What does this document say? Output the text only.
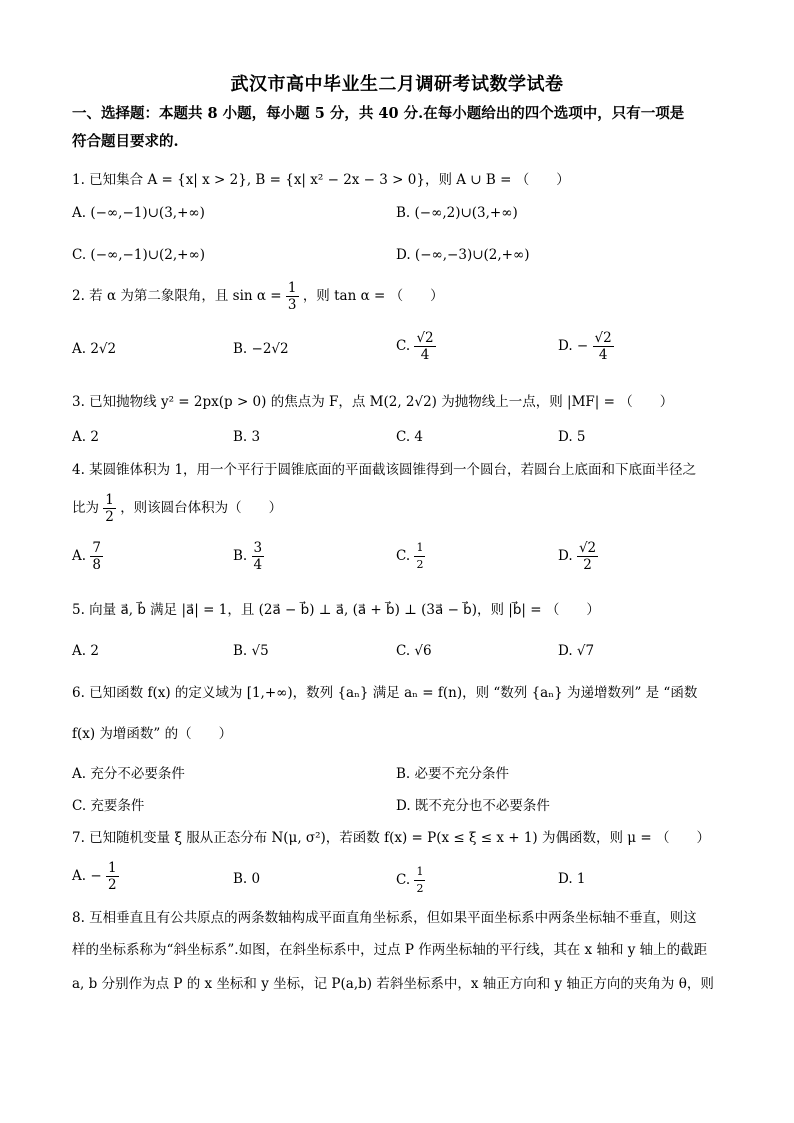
武汉市高中毕业生二月调研考试数学试卷
一、选择题：本题共 8 小题，每小题 5 分，共 40 分.在每小题给出的四个选项中，只有一项是
符合题目要求的.
1. 已知集合 A = {x| x > 2}, B = {x| x² − 2x − 3 > 0}，则 A ∪ B = （　　）
A. (−∞,−1)∪(3,+∞)	B. (−∞,2)∪(3,+∞)
C. (−∞,−1)∪(2,+∞)	D. (−∞,−3)∪(2,+∞)
2. 若 α 为第二象限角，且 $\sin \alpha = \frac{1}{3}$ ，则 tan α = （　　）
A. 2√2	B. −2√2	C. $\frac{√2}{4}$	D. − $\frac{√2}{4}$
3. 已知抛物线 y² = 2px(p > 0) 的焦点为 F，点 M(2, 2√2) 为抛物线上一点，则 |MF| = （　　）
A. 2	B. 3	C. 4	D. 5
4. 某圆锥体积为 1，用一个平行于圆锥底面的平面截该圆锥得到一个圆台，若圆台上底面和下底面半径之
比为 $\frac{1}{2}$ ，则该圆台体积为（　　）
A. $\frac{7}{8}$	B. $\frac{3}{4}$	C. $\frac{1}{2}$	D. $\frac{√2}{2}$
5. 向量 a⃗, b⃗ 满足 |a⃗| = 1，且 (2a⃗ − b⃗) ⊥ a⃗, (a⃗ + b⃗) ⊥ (3a⃗ − b⃗)，则 |b⃗| = （　　）
A. 2	B. √5	C. √6	D. √7
6. 已知函数 f(x) 的定义域为 [1,+∞)，数列 {aₙ} 满足 aₙ = f(n)，则 “数列 {aₙ} 为递增数列” 是 “函数
f(x) 为增函数” 的（　　）
A. 充分不必要条件	B. 必要不充分条件
C. 充要条件	D. 既不充分也不必要条件
7. 已知随机变量 ξ 服从正态分布 N(μ, σ²)，若函数 f(x) = P(x ≤ ξ ≤ x + 1) 为偶函数，则 μ = （　　）
A. − $\frac{1}{2}$	B. 0	C. $\frac{1}{2}$	D. 1
8. 互相垂直且有公共原点的两条数轴构成平面直角坐标系，但如果平面坐标系中两条坐标轴不垂直，则这
样的坐标系称为“斜坐标系”.如图，在斜坐标系中，过点 P 作两坐标轴的平行线，其在 x 轴和 y 轴上的截距
a, b 分别作为点 P 的 x 坐标和 y 坐标，记 P(a,b) 若斜坐标系中，x 轴正方向和 y 轴正方向的夹角为 θ，则
